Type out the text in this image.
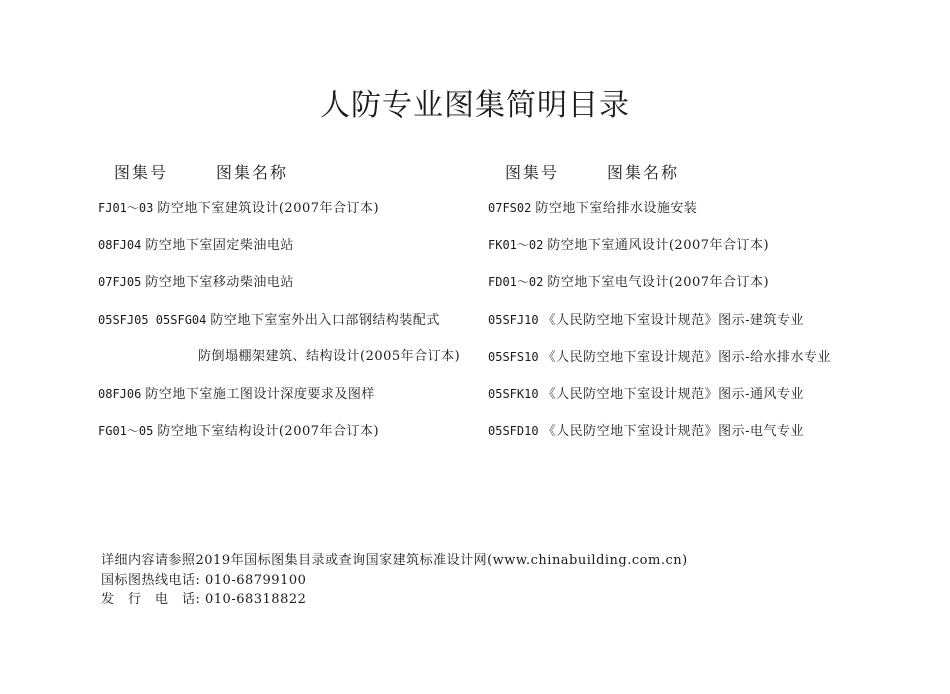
人防专业图集简明目录
图集号	图集名称
FJ01～03 防空地下室建筑设计(2007年合订本)
08FJ04 防空地下室固定柴油电站
07FJ05 防空地下室移动柴油电站
05SFJ05 05SFG04 防空地下室室外出入口部钢结构装配式
防倒塌棚架建筑、结构设计(2005年合订本)
08FJ06 防空地下室施工图设计深度要求及图样
FG01～05 防空地下室结构设计(2007年合订本)
图集号	图集名称
07FS02 防空地下室给排水设施安装
FK01～02 防空地下室通风设计(2007年合订本)
FD01～02 防空地下室电气设计(2007年合订本)
05SFJ10 《人民防空地下室设计规范》图示-建筑专业
05SFS10 《人民防空地下室设计规范》图示-给水排水专业
05SFK10 《人民防空地下室设计规范》图示-通风专业
05SFD10 《人民防空地下室设计规范》图示-电气专业
详细内容请参照2019年国标图集目录或查询国家建筑标准设计网(www.chinabuilding.com.cn)
国标图热线电话: 010-68799100
发　行　电　话: 010-68318822
